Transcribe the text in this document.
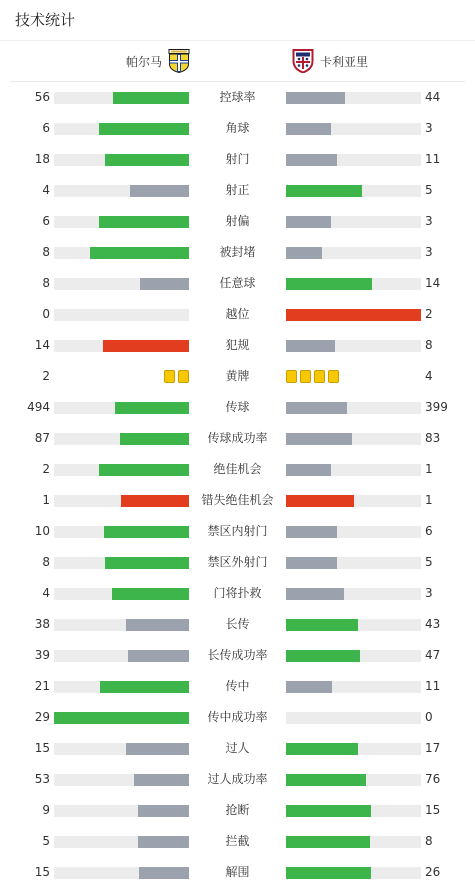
技术统计
帕尔马	卡利亚里
56	控球率	44
6	角球	3
18	射门	11
4	射正	5
6	射偏	3
8	被封堵	3
8	任意球	14
0	越位	2
14	犯规	8
2	黄牌	4
494	传球	399
87	传球成功率	83
2	绝佳机会	1
1	错失绝佳机会	1
10	禁区内射门	6
8	禁区外射门	5
4	门将扑救	3
38	长传	43
39	长传成功率	47
21	传中	11
29	传中成功率	0
15	过人	17
53	过人成功率	76
9	抢断	15
5	拦截	8
15	解围	26
